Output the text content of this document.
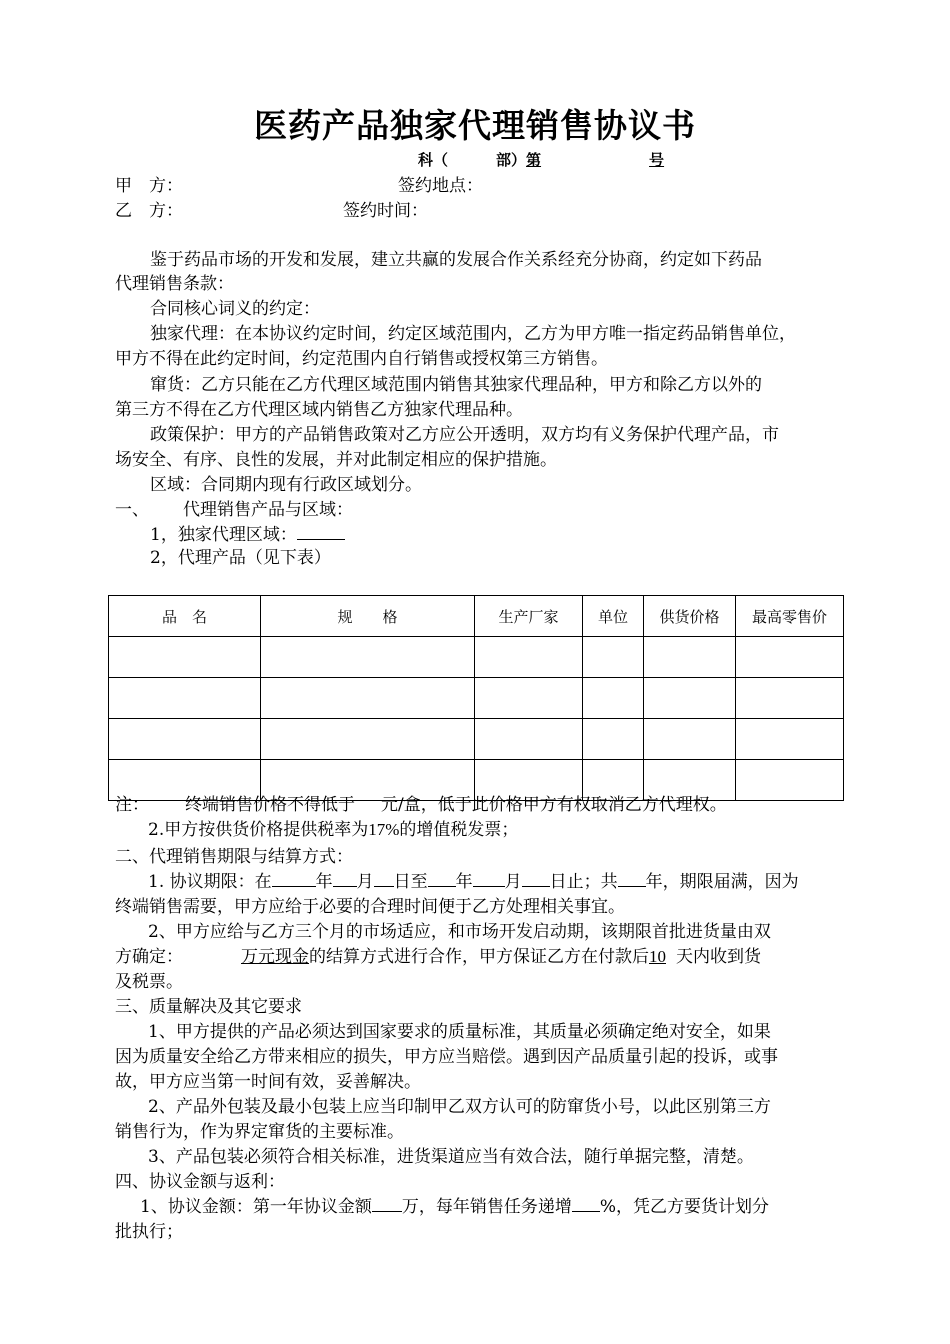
医药产品独家代理销售协议书
科（	部）第	号
甲　方：	签约地点：
乙　方：	签约时间：
鉴于药品市场的开发和发展，建立共赢的发展合作关系经充分协商，约定如下药品
代理销售条款：
合同核心词义的约定：
独家代理：在本协议约定时间，约定区域范围内，乙方为甲方唯一指定药品销售单位，
甲方不得在此约定时间，约定范围内自行销售或授权第三方销售。
窜货：乙方只能在乙方代理区域范围内销售其独家代理品种，甲方和除乙方以外的
第三方不得在乙方代理区域内销售乙方独家代理品种。
政策保护：甲方的产品销售政策对乙方应公开透明，双方均有义务保护代理产品，市
场安全、有序、良性的发展，并对此制定相应的保护措施。
区域：合同期内现有行政区域划分。
一、 代理销售产品与区域：
1，独家代理区域：
2，代理产品（见下表）
品　名	规　　格	生产厂家	单位	供货价格	最高零售价

注： 终端销售价格不得低于 元/盒，低于此价格甲方有权取消乙方代理权。
2.甲方按供货价格提供税率为17%的增值税发票；
二、代理销售期限与结算方式：
1. 协议期限：在	年 月 日至 年 月 日止；共 年，期限届满，因为
终端销售需要，甲方应给于必要的合理时间便于乙方处理相关事宜。
2、甲方应给与乙方三个月的市场适应，和市场开发启动期，该期限首批进货量由双
方确定：	万元现金的结算方式进行合作，甲方保证乙方在付款后10 天内收到货
及税票。
三、质量解决及其它要求
1、甲方提供的产品必须达到国家要求的质量标准，其质量必须确定绝对安全，如果
因为质量安全给乙方带来相应的损失，甲方应当赔偿。遇到因产品质量引起的投诉，或事
故，甲方应当第一时间有效，妥善解决。
2、产品外包装及最小包装上应当印制甲乙双方认可的防窜货小号，以此区别第三方
销售行为，作为界定窜货的主要标准。
3、产品包装必须符合相关标准，进货渠道应当有效合法，随行单据完整，清楚。
四、协议金额与返利：
1、协议金额：第一年协议金额 万，每年销售任务递增 %，凭乙方要货计划分
批执行；
